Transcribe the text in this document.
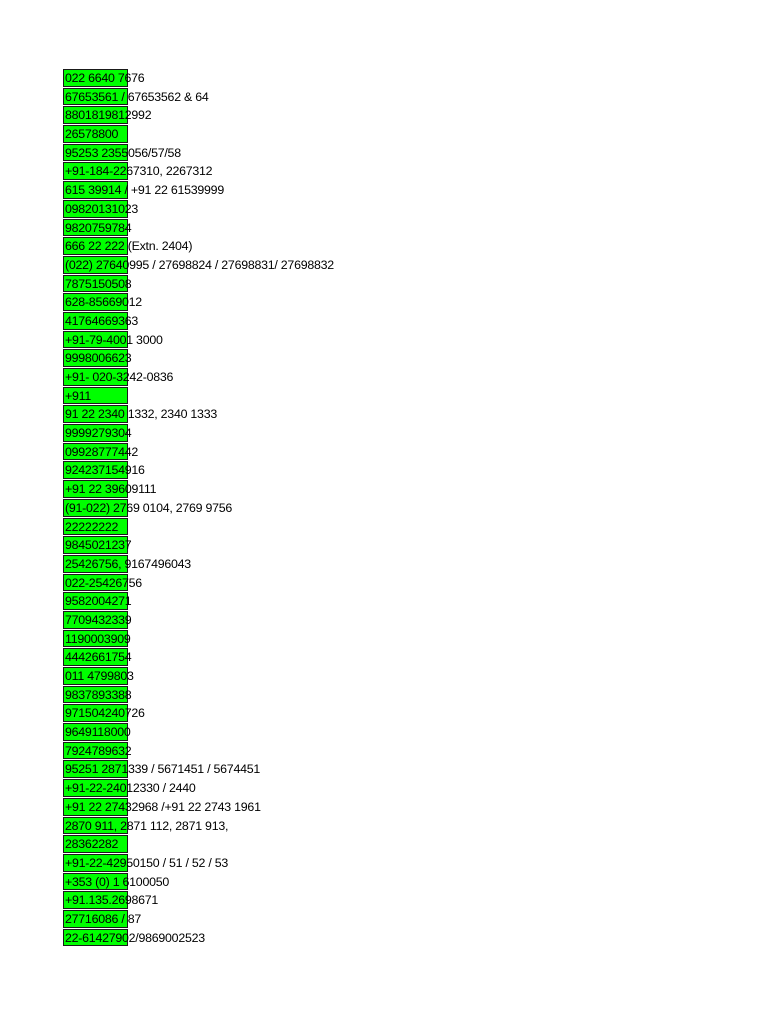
022 6640 7676
67653561 / 67653562 & 64
8801819812992
26578800
95253 2355056/57/58
+91-184-2267310, 2267312
615 39914 / +91 22 61539999
09820131023
9820759784
666 22 222 (Extn. 2404)
(022) 27640995 / 27698824 / 27698831/ 27698832
7875150508
628-85669012
41764669363
+91-79-4001 3000
9998006623
+91- 020-3242-0836
+911
91 22 2340 1332, 2340 1333
9999279304
09928777442
924237154916
+91 22 39609111
(91-022) 2769 0104, 2769 9756
22222222
9845021237
25426756, 9167496043
022-25426756
9582004271
7709432339
1190003909
4442661754
011 4799803
9837893388
971504240726
9649118000
7924789632
95251 2871339 / 5671451 / 5674451
+91-22-24012330 / 2440
+91 22 27432968 /+91 22 2743 1961
2870 911, 2871 112, 2871 913,
28362282
+91-22-42950150 / 51 / 52 / 53
+353 (0) 1 6100050
+91.135.2698671
27716086 / 87
22-61427902/9869002523
